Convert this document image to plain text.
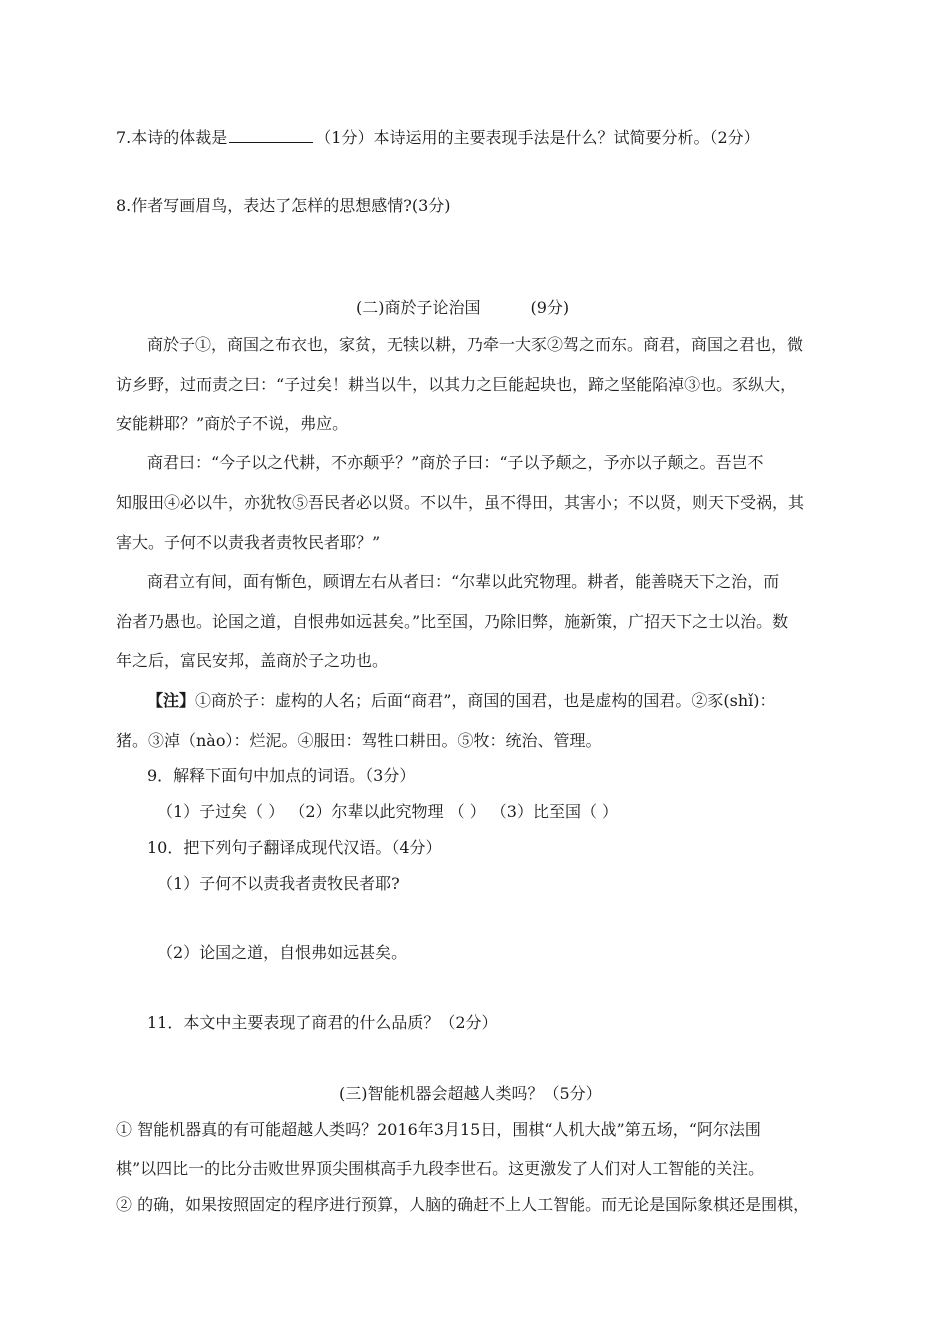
7.本诗的体裁是	（1分）本诗运用的主要表现手法是什么？试简要分析。（2分）
8.作者写画眉鸟，表达了怎样的思想感情?(3分)
(二)商於子论治国	(9分)
商於子①，商国之布衣也，家贫，无犊以耕，乃牵一大豕②驾之而东。商君，商国之君也，微
访乡野，过而责之曰：“子过矣！耕当以牛，以其力之巨能起块也，蹄之坚能陷淖③也。豕纵大，
安能耕耶？”商於子不说，弗应。
商君曰：“今子以之代耕，不亦颠乎？”商於子曰：“子以予颠之，予亦以子颠之。吾岂不
知服田④必以牛，亦犹牧⑤吾民者必以贤。不以牛，虽不得田，其害小；不以贤，则天下受祸，其
害大。子何不以责我者责牧民者耶？”
商君立有间，面有惭色，顾谓左右从者曰：“尔辈以此究物理。耕者，能善晓天下之治，而
治者乃愚也。论国之道，自恨弗如远甚矣。”比至国，乃除旧弊，施新策，广招天下之士以治。数
年之后，富民安邦，盖商於子之功也。
【注】①商於子：虚构的人名；后面“商君”，商国的国君，也是虚构的国君。②豕(shǐ)：
猪。③淖（nào）：烂泥。④服田：驾牲口耕田。⑤牧：统治、管理。
9．解释下面句中加点的词语。（3分）
（1）子过矣（ ） （2）尔辈以此究物理 （ ） （3）比至国（ ）
10．把下列句子翻译成现代汉语。（4分）
（1）子何不以责我者责牧民者耶?
（2）论国之道，自恨弗如远甚矣。
11．本文中主要表现了商君的什么品质？（2分）
(三)智能机器会超越人类吗？（5分）
① 智能机器真的有可能超越人类吗？2016年3月15日，围棋“人机大战”第五场，“阿尔法围
棋”以四比一的比分击败世界顶尖围棋高手九段李世石。这更激发了人们对人工智能的关注。
② 的确，如果按照固定的程序进行预算，人脑的确赶不上人工智能。而无论是国际象棋还是围棋，
